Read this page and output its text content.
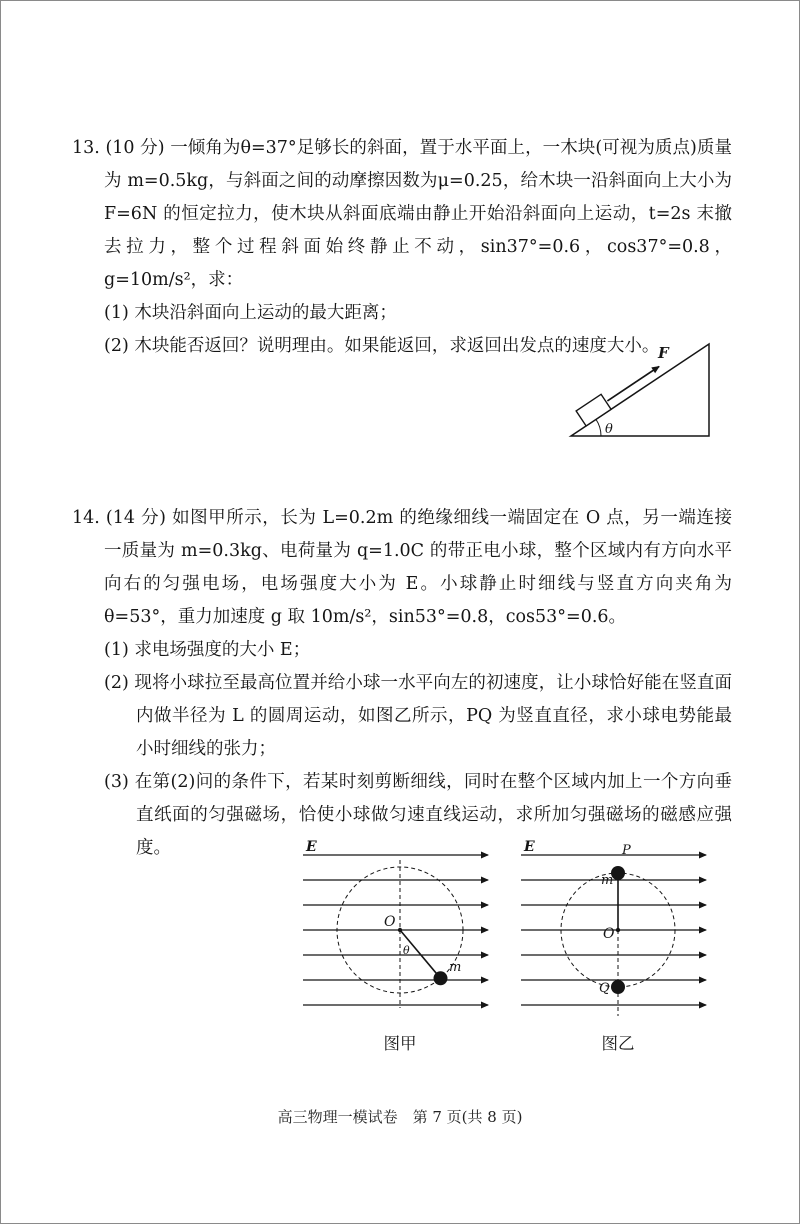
13. (10 分) 一倾角为θ=37°足够长的斜面，置于水平面上，一木块(可视为质点)质量为 m=0.5kg，与斜面之间的动摩擦因数为μ=0.25，给木块一沿斜面向上大小为 F=6N 的恒定拉力，使木块从斜面底端由静止开始沿斜面向上运动，t=2s 末撤去拉力，整个过程斜面始终静止不动，sin37°=0.6，cos37°=0.8，g=10m/s²，求：

(1) 木块沿斜面向上运动的最大距离；

(2) 木块能否返回？说明理由。如果能返回，求返回出发点的速度大小。

F
θ

14. (14 分) 如图甲所示，长为 L=0.2m 的绝缘细线一端固定在 O 点，另一端连接一质量为 m=0.3kg、电荷量为 q=1.0C 的带正电小球，整个区域内有方向水平向右的匀强电场，电场强度大小为 E。小球静止时细线与竖直方向夹角为θ=53°，重力加速度 g 取 10m/s²，sin53°=0.8，cos53°=0.6。

(1) 求电场强度的大小 E；

(2) 现将小球拉至最高位置并给小球一水平向左的初速度，让小球恰好能在竖直面内做半径为 L 的圆周运动，如图乙所示，PQ 为竖直直径，求小球电势能最小时细线的张力；

(3) 在第(2)问的条件下，若某时刻剪断细线，同时在整个区域内加上一个方向垂直纸面的匀强磁场，恰使小球做匀速直线运动，求所加匀强磁场的磁感应强度。	E
O
θ
m
图甲
E	P
m
O
Q
图乙
高三物理一模试卷　第 7 页(共 8 页)
